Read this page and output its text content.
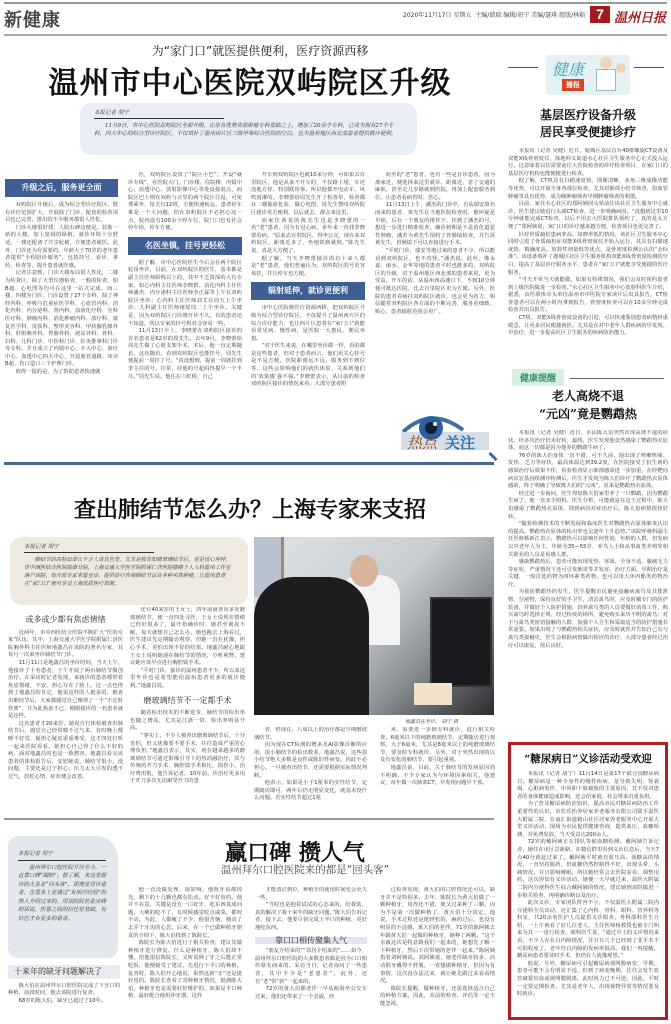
新健康	2020年11月17日 星期五 主编/储瑞 编辑/胡宁 美编/瑟琪 组版/林豁 7 温州日报
为“家门口”就医提供便利，医疗资源西移
温州市中心医院双屿院区升级
本报记者 胡宁
11月9日，市中心医院双屿院区全面升级，在原有优势资源肿瘤专科基础之上，增加了20余个专科，已成为拥有27个专科、四大中心的综合型诊疗院区。不仅填补了温州西片区三级甲等综合医院的空白，也为温州地区西北部患者提供就诊便利。
升级之后，服务更全面

双屿院区升级后，成为综合型诊疗院区，既有诊疗范围扩大，开展除了门诊，配套的检查项目也已完善，推出的不少服务都很人性化。

门诊大楼很好找，人院石碑边便是。装饰一新的大楼，加上宽阔的绿植，就诊环境十分舒适，一楼还配备了共享轮椅，方便患者就医。此外，门诊还为有需要的、年龄大于70岁的老年患者提供“全程陪诊服务”，包括挂号、看诊、拿药、检查等，提升患者就医感。

记者注意到，门诊大楼布局很人性化，二楼为检查区，除了大型仪器检查，一般的检查，如B超、心电图等均可在这里一站式完成。而三楼、四楼为门诊，门诊设置了27个专科，除了神经内科、呼吸与危重症医学科、心血管内科、消化内科、内分泌科、肾内科、血液化疗科、全科医疗科、肿瘤内科、消化肿瘤内科、放疗科、康复医学科、皮肤科、整形美容科、甲状腺乳腺外科、肝胆胰外科、胃肠外科、泌尿外科、骨科、妇科、儿科门诊、中医科门诊、针灸推拿科门诊等专科。并且成立了内镜中心、介入中心、放疗中心、血透中心四大中心，开设血管通路、床旁B超、伤口造口三个护理门诊。

值得一提的是，为了帮助患者快速就

医，双屿院区设置了“院区小巴”，开设“就诊专线”，在医院大门、门诊楼、住院楼、内镜中心、血透中心、放射影像中心等处设接驳点，而院区巴士则在双屿与百里的两个院区往返，可免费乘坐，每天有12班，方便快速转运。患者停车难是一个大问题，但在双屿院区不必担心这一点，院内设有100余个停车位，院门口也有社会停车场，停车方便。

名医坐镇，挂号更轻松

据了解，市中心医院医生今后会在两个院区轮岗坐诊，目前，在双屿院区的医生，基本都是副主任医师职称以上的，其中不乏资深的大有专家。如心内科主任医师李晓群、消化内科主任医师潘杰、内分泌科主任医师李正霖等上午在双屿院区坐诊；心内科主任医师刘艾在周五上午坐诊；儿科副主任医师褚瑶周二上午坐诊。关键是，因为双屿院区门诊刚开诊不久，有的患者还不知道，所以专家的挂号相对会容易一些。

11月13日早上，李晓蕾在双屿院区接诊的首名患者是62岁的周先生。去年9月，李晓蕾给周先生做了心脏支架手术，术后，他一直定期随访。这次随访，看到双屿院区也能挂号，周先生便提前一周挂了号。“真没想到，提前一周就挂到李主任的号。往常，挂他的号起码得提早一个半月。”周先生说。他住在六虹桥，自己

开车到双屿院区也就10来分钟，可如果去百里院区，他是从来不开车的，不仅路上堵，车还没地方停，特别耽误事。所以他都开电动车，风吹雨淋的。李晓蕾给周先生开了检查单，检查都在二楼抽血化验、做心电图，周先生赞叹双屿院区就诊更方便利，以后就去、都会来这里。

而家住黄龙的陈先生也是李晓蕾的一名“老”患者，因为有冠心病，多年来一直找李晓蕾看病。“原来去百里院区，得坐公交，现在来双屿院区，距离近多了，坐地铁到就到。”陈先生说，真是大方便了。

据了解，当天李晓蕾接诊的有十来人都是“老”患者，他们普遍认为，双屿院区的号更容易挂，并且停车也方便。

辐射延伸，就诊更便利

市中心医院将医疗资源西移，把双屿院区升级为综合型诊疗院区，不仅提升了温州西片区的综合诊疗能力，也让西片区患者在“家门口”就能看常见病、慢性病，是医院一大惠民、便民举措。

“对于医生来说，在哪里坐诊都一样，看的都是这些患者，但对于患者而言，他们更关心挂号是不是方便，医院距离远不远，服务到不到位等，这些会影响他们的就医体验，关系到他们的‘效果感’强不强。”李晓蕾表示，从目前的检查双屿院区接诊的情况来看，大部分患者附

而至的“老”患者，也有一些是首诊患者，因为离家近，便选择来这里就诊。距离近，省了交通的麻烦，甚至走几步路就到医院，再加上配套服务到位，让患者看病省时、省心。

11月13日上午，潘杰的门诊中，有从瑞安慕名而来的患者，黄先生在当地医院检查时，被怀疑是早癌，后在一个朋友的推荐下，挂到了潘杰的号，想进一步进行精准检查。确诊初期是不是消化道恶性肿瘤，潘杰为黄先生预约了胃肠镜检查，并告诉黄先生，胃肠镜下可以直接进行手术。

“平时门诊，瑞安等地过来的患者不少，所以能看到双屿院区，也不奇怪。”潘杰说，此外，像永嘉、丽水、金华等地的患者平时也挺多的，双屿院区的升级，对于温州地区西北部的患者来说，更为受益，开车的话，从温州西高速口下，不到10分钟便可抵达医院，比去百里院区更为方便。另外，医院的患者看病挂双屿院区就诊，也会更为省力，相信随着双屿院区各方面的不断完善，服务更细致、贴心，患者辐射范围会更广。

热点 关注
健康
播报
基层医疗设备升级
居民享受便捷诊疗

本报讯（记者 吴健）近日，鹿城区基层首台40排螺旋CT设备及双能X线骨密度仪，落地仰义街道水心社区卫生服务中心正式投入运行。这意味着以往需要前往大医院检查的诊疗检查项目，在家门口的基层医疗机构也能便捷进行检查。

据了解，CT机具有扫描速度快、图像清晰、多角三维成像功能等优势，可以开展全身各部位检查，尤其对肺部小结节筛查，如血管肿瘤等具有优势，成为肺肿瘤筛查早期肿瘤筛查的利器。

目前，家住水心社区的郑阿姨因头晕前往该社区卫生服务中心就诊，医生建议她进行头颈CT检查，进一步明确病因。“没想到这里10分钟就能完成CT检查，以后不用去大医院排队预约了，真的是太方便了”郑阿姨说，家门口的诊疗越来越方便，检查项目也更完善了。

针对骨质疏松患病率高、知晓率低的情况，该社区卫生服务中心同时引进了骨质疏松症双能X线骨密度仪开始入运行，其具有扫描速度快、精确度高、放射性剂量低等优点，是骨密度检测公认的“金标准”。该设备填补了鹿城区社区卫生服务机构双能X线骨密度检测的空白，提高了基层诊疗服务水平，患者在“家门口”就能享受便捷的医疗服务。

“当天开单当天就能做，如果有特殊情况，我们会及时预约患者到上级医院做进一步检查。”水心社区卫生服务中心放射科医生介绍，据悉，由医联体牵头单位温州市中医院专家读片后出具报告，CT检查患者可以在两小时内拿到报告，骨密度检查可以在10余分钟完成检查并出具报告。

CT机、双能X线骨密度设备的引进，可以快速鉴别患者病情轻重缓急，让更多居民便捷就医。尤其是在对中老年人群疾病的早发现、早治疗，进一步提高社区卫生服务的疾病防治能力。

健康提醒
老人高烧不退
“元凶”竟是鹦鹉热

本报讯（记者 吴健）近日，市民陈大伯突然出现高烧不退的症状，经多次治疗仍未好转，最终，医生发现他竟然感染了鹦鹉热衣原体，而这一切都是因为他养的鹦鹉生病了。

76岁的陈大伯身体一直不错，可不久前，他出现了咳嗽咳痰、发热、乏力等症状，最高体温达到39.2度，在医院接受了抗生素的感染治疗后效果不佳，检验检查显示肺部感染进一步加重，在经靶向病原宏基因组测序检测后，医生才发现为陈大伯诊疗了鹦鹉热衣原体感染，终于明确了导致陈大伯的“元凶”，原来是鹦鹉热衣原体。

经过进一步询问，医生得知陈大伯家里养了一只鹦鹉，因为鹦鹉生病了，他一直亲手照料。医生分析，可能就是在这个过程中，陈大伯感染了鹦鹉热衣原体，找到病因对症治疗后，陈大伯病情很快好转。

“随着检测技术的不断发展和临床医生对鹦鹉热衣原体肺炎认识的提高，鹦鹉热衣原体的检出率也呈逐年上升趋势。”该院呼吸科副主任医师蔡新江表示，鹦鹉热可以影响任何性别、年龄的人群，但发病以中老年人为主，年龄为35—55岁，养鸟人士和从事禽类养殖等相关职业的人员是易感人群。

感染鹦鹉热后，患者可能出现发热、寒战、全身不适、腹痛无力等症状，严重情况下还可引发肺炎等并发症。治疗方面，早期治疗是关键，一般首选药物为四环素类药物，也可以用大环内酯类药物治疗。

为预防鹦鹉热的发生，医生提醒市民避免接触病禽鸟及其排泄物、分泌物，保持良好的手卫生，清洁禽鸟时，应及时戴专门的防护装备，并做好个人防护措施，饲养禽鸟类的人员要做好消毒工作，购买禽鸟时选择正规、经过检疫的场所，避免购买来历不明的禽鸟；对于与禽鸟类密切接触的人群，加强个人卫生和采取适当的防护措施非常重要。如果出现了与鹦鹉热相关症状，应及时就医并告知自己有与禽鸟类接触史，医生会根据病情做出相应的诊疗，大部分患者经过治疗可以康复，预后良好。

“糖尿病日”义诊活动受欢迎

本报讯（记者 胡宁）11月14日是第17个联合国糖尿病日。糖尿病是一种全身性的慢性疾病，是导致失明、肾衰竭、心脏病发作、中风和下肢截肢的主要原因，其不仅对患者的身体健康造成影响，还会给家庭、社会带来沉重负担。

为了普及糖尿病防治知识，提高市民对糖尿病防治工作重要性的认识，市松乐怡养居家养老服务有限公司联手温医大附属二院，在南汇街道鹤山社区居家养老服务中心开展大型义诊活动，现场为市民提供健康咨询，提供血压、血糖检测，并免费发放，当天受益达200余人。

72岁的戴阿姨正在排队等候血糖检测。戴阿姨告诉记者，她住在市区景新路，在微信群里看到义诊信息后，当天7点40分就赶过来了。戴阿姨平时就有血压高、血糖高的情况，一直坚持服药，但血糖仍然控制得不好，出现头晕、头痛情况，并且影响睡眠，所以她经常会去医院看看，调整用药。这次得知有义诊活动，她便一大早就过来，温医大附属二院内分泌科医生综合戴阿姨的情况，建议她到该院做进一步相关检查，再明确诊断以及治疗。

此次义诊，专家团队阵容不小，不仅温医大附属二院内分泌科全员出动，还汇集了心内科、骨科、眼科、营养科等科室，共20余名医护人员提供义诊服务。骨科邵科医生介绍，一上午就看了好几位老人，主任医师杨教授也被专门叫来为其一一进行检查。眼科医生说，“通过早上的义诊情况来看，不少人存在白内障情况，并且有几个已经到了非手术不可的程度了。老年性白内障的发病率很高，我们一再提醒，糖尿病患者要及时手术，但仍有人犹豫观望。”

他说，另外，糖尿病可引起糖尿病视网膜病变，早期，患者可能不会有明显不适，但到了病变晚期，往往会发生血管破裂出血或视网膜脱离，此时视力已不可逆。因此，平时一定要定期检查，尤其是老年人，出现视物异常等情况要及时就诊。

查出肺结节怎么办？上海专家来支招
本报记者 胡宁
肺结节的高检出率让不少人谈其色变，尤其是被告知磨玻璃结节后，更是忧心忡忡。市中西医结合医院瑞康分院，上海交通大学医学院附属仁济医院肺癌个人入科温州工作室落户该院，每月派专家来温坐诊，提供诊疗咨询肺结节以及多种实体肿瘤，让温州患者在“家门口”就可享受上海优质医疗资源。
或多或少都有焦虑情绪

近两年，市中西医结合医院不断扩大“医的专家”队伍，其中，上海交通大学医学院附属仁济医院胸外科主任医师地鑫昌在该院的著名专家，其每月一次来坐诊肺结节门诊。

11月11日是地鑫昌的坐诊时间，当天上午，他接诊了十名患者，下午开展了两台肺结节微创治疗。在采访时记者发现，来就诊的患者都带着焦虑情绪，不安、担心写在了脸上。这一点也得到了地鑫昌的肯定，他说这样的人挺多的，被查出肺结节后，大家都感觉自己像得了一个“不定时炸弹”，并为此焦虑不已，刚刚接诊的一名患者就是这样。

这名患者才20来岁，她说自打体检被查出肺结节后，感觉自己经常喘不过气来，有时晚上都睡不好觉，疑担心疑虑重重难受，这才四处打听一起来医院看看。她担心自己得了什么不好的病，面对地鑫昌时也是一脸愁容。地鑫昌看完该患者的体检报告后，安慰她说，肺结节很小，没问题，主要还是过于担心、压力太大引发的透不过气，放松心情，症状便会改善。

还有40来岁的王女士，四年前就查出多发磨玻璃结节，便一直四处寻医，王女士说现在情绪已经好很多了，最开始确诊时，她甚至彻夜不眠，每天就想自己怎么办。她也跑去上海看过，医生建议先定期随访观察，但她一直在犹豫，担心手术，更怕出现不好的结果。地鑫昌耐心地跟王女士说明她现在肺结节的情况，分析利弊，建议她应该早点进行胸腔镜手术。

“平时门诊，接诊的温州患者不少，所以来这里坐诊也是希望能给温州患者更多的就诊便利。”地鑫昌说。

磨玻璃结节不一定都手术

随着检出技术的不断进步，肺结节的检出率也随之增高，尤其是江浙一带，检出率明显升高。

“事实上，不少人被查出磨玻璃结节后，十分害怕，但又犹豫要不要手术，往往造成严重的心理负担。”地鑫昌表示，其实，现在越来越多的磨玻璃结节可通过影像引导下的热消融治疗，其与传统的开刀手术、胸腔镜手术相比，损伤小、治疗费用低，他告诉记者，10年前，诊治疗更多用于开刀多次无法耐受开刀的患

地鑫昌在坐诊。 胡宁 摄

者，但现在，八成以上的治疗都是早期磨玻璃结节。

因为现在CT检测的增多及AI影像诊断的应用，很小肺结节的检出数多。地鑫昌说，这些很小结节绝大多数是良性或陈旧性病变，因此不必担心。一旦被查出结节，还需要根据实际情况判断。

他表示，如果是小于1厘米的实性结节，定期随访即可，两年后仍无明显变化，就基本没什么问题。若实性结节超过1厘

米，需要进一步到专科就诊，进行相关检查。6毫米以下的纯磨玻璃结节，定期随访进行观察。大于6毫米，尤其是8毫米以上的纯磨玻璃结节，要及时专科就诊。另外，对于突然出现的以及有变化的肺结节，要引起重视。

地鑫昌说，目前，关于肺结节的发病原因尚不明确，不少专家认为与环境因素相关。他建议，每年做一次肺部CT，早发现问题早干预。

赢口碑 攒人气
温州拜尔口腔医院来的都是“回头客”
本报记者 胡宁
温州拜尔口腔医院开诊至今，一直靠口碑“圈粉”。据了解，来这里就诊的大多是“回头客”，即使是首诊患者，也基本上是通过“有治疗经验”的熟人介绍过来的。用该院院长张冰峰的话说，医患之间的信任是基础，有信任才有更多的患者。
十来年的缺牙问题解决了

陈大伯在温州拜尔口腔医院完成了下牙口的种植，前段时间，他去该院进行复查。

68岁的陈大伯，缺牙已超过了10年。

他一直没做处理，很影响，他既牙齿都掉光，剩下的十几颗也都有松动。好不好看的，他并不在意，关键是没有一口好牙，吃东西真成问题，大硬的吃不了，有时候感觉吃点咸菜，都咬不动。为此，人都瘦了不少，他很苦恼，便动了去弄个牙齿的心思。后来，在一个已做种植牙朋友的介绍下，陈大伯找到了陈院长。

陈院长为陈大伯进行了相关检查，建议其做种植牙进行修复。什么是种植牙，陈大伯却不懂，但他很信陈院长，又听说种了牙之后能正常吃饭，他便接受了建议，先进行下半口的种植。复查时，陈大伯开心地说，果然这新“牙”还是挺好用的。陈院长查看了其种植牙情况，挺满陈大伯，种植牙也是需要好好维护的，如果是半口种植，最好配合使用冲牙器，这样

才能清洁到位，种植牙的使用时间也会更久一些。

“当时也是抱着试试的心态来的，给我装，真的解决了我十来年的缺牙问题。”陈大伯告诉记者，接下去，他要尽快完成上半口的种植，更好地吃东西。

靠口口相传聚集人气

“朋友介绍来的”“邻居介绍来的”……如今，温州拜尔口腔医院的大多数患者都是因为口口相传慕名而来的。采访当日，记者询问了一些患者，其中不少是“老患者”，此外，还有“老”带“新”一起来的。

72岁的黄大伯都老伴一早从瓯海坐公交车过来，他们还带来了一个亲戚，经

过检查发现，黄大伯的口腔情况还可以，缺牙并不是特别多。去年，陈院长为黄大伯做了一颗种植牙，用得还不错，便又过来种了三颗。因为不是第一次做种植了，黄大伯十分淡定。他说，手术过程还是挺轻松的，麻药过后，也没有明显的不适感。黄大伯的老伴，71岁的陈阿姨去年跟黄大伯一起做的种植牙，她种了两颗。“这个亲戚这次是特意跟我们一起来的，她想先了解一下种植牙，然后下次带她的老伴一起来。”陈阿姨指着刘阿姨说。刘阿姨说，她老伴缺牙较多，活动假牙戴得不舒服，一直想做种植牙，但因为有事情，这次没办法过来，就让她先跟过来看看情况。

陈院长提醒，做种植牙，还需选择适合自己的种植方案。因此，术前的检查、评估等一定不能忽视。
